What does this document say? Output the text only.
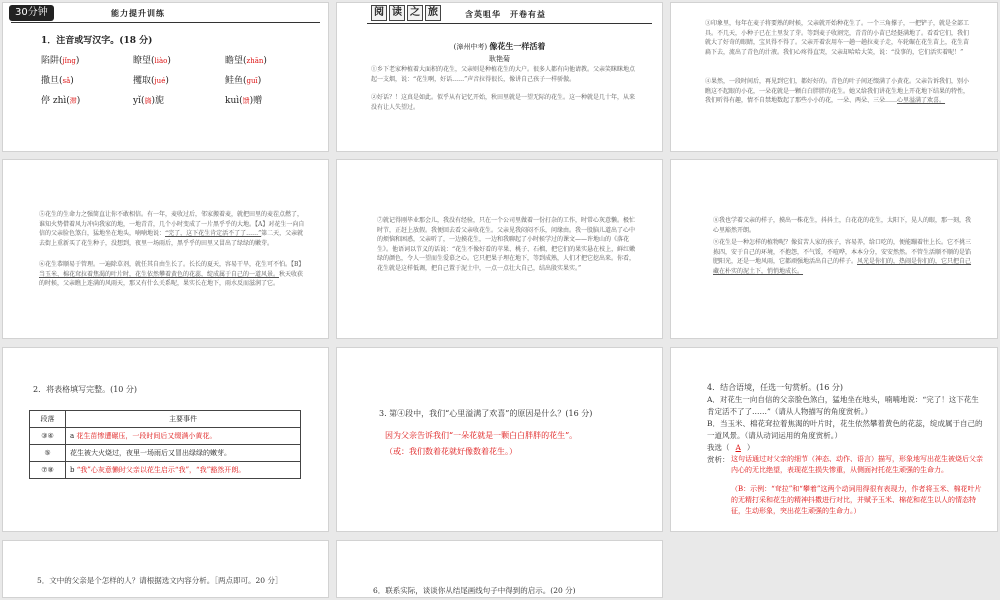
30分钟	能力提升训练
1．注音或写汉字。(18 分)
陷阱(jǐng)	瞭望(liào)	瞻望(zhān)
撒旦(sǎ)	攫取(jué)	鲑鱼(guī)
停 zhì(滞)	yǐ(旖)旎	kuì(馈)赠
阅 读 之 旅	含英咀华　开卷有益
(漳州中考) 像花生一样活着
耿艳菊
①乡下老家种植着大面积的花生，父亲则是种植花生的大户。很多人都有向他请教。父亲笑眯眯地点起一支烟，说：“花生啊，好话……”声音拉得很长，像讲自己孩子一样骄傲。
②好话？！这真是如此。似乎从有记忆开始，秋田里就是一望无际的花生。这一种就是几十年，从来没有让人失望过。
③印象里，每年在麦子将要熟的时候，父亲就开始种花生了。一个三角撑子，一把铲子，就是全部工具。不几天，小种子已在土里发了芽。等到麦子收割完，青青的小苗已经挺满地了。看看它们，我们就大了好奇的眼睛，宝贝得不得了。父亲开着农用车一趟一趟拉麦子走，车轮碾在花生苗上，花生苗扁下去，流出了青色的汁液。我们心疼得直哭，父亲却哈哈大笑，说：“没事的，它们活实着呢！”
④果然，一段时间后，再见到它们，都好好的。青色的叶子间还缀满了小黄花。父亲告诉我们，别小瞧这不起眼的小花，一朵花就是一颗白白胖胖的花生。她又给我们讲花生地上开花地下结果的特性，我们听得有趣，情不自禁地数起了那些小小的花，一朵、两朵、三朵……心里溢满了欢喜。
⑤花生的生命力之强简直让你不敢相信。有一年，麦收过后，邻家搬着麦，就把田里的麦茬点燃了，谁知火势借着风力冲向我家的地，一地青青，几个小时变成了一片黑乎乎的大地。【A】对花生一向自信的父亲脸色煞白，猛地坐在地头，喃喃地说：“完了，这下花生肯定活不了了……”第二天，父亲就去街上重新买了花生种子，没想到，夜里一场雨后，黑乎乎的田里又冒出了绿绿的嫩芽。
⑥花生恭顺易于管理。一遍除草剂，就任其自由生长了。长长的夏天，容易干旱，花生可不怕。【B】当玉米、棉花耷拉着焦渴的叶片时，花生依然攀着黄色的花蕊，绽成属于自己的一道风景。秋天收获的时候，父亲瞧上连满的风雨天，那又有什么关系呢，果实长在地下，雨水反而滋润了它。
⑦就记得刚毕业那会儿，我没有经验，只在一个公司里做着一份打杂的工作，时常心灰意懒。极忙时节，正赶上放假。我便回去看父亲收花生。父亲见我闷闷不乐，问缘由。我一股脑儿道出了心中的烦恼和困惑，父亲听了，一边摸花生，一边和我聊起了小时候学过的课文——许地山的《落花生》。他语词以节义的话说：“花生不像好看的苹果、桃子、石榴，把它们的果实悬在枝上，鲜红嫩绿的颜色，令人一望而生爱慕之心。它只把果子埋在地下，等到成熟，人们才把它挖出来。你看，花生就是这样低调，把自己置于泥土中，一点一点壮大自己，结出殷实果实。”
⑧我也学着父亲的样子，摸出一株花生，抖抖土，白花花的花生，太阳下，晃人的眼，那一刻，我心里豁然开朗。
⑨花生是一种怎样的植物呢？像贫苦人家的孩子，容易养，给口吃的，便能蹦着往上长。它不挑三拣四，安于自己的环境，不抱怨，不气馁，不喧哗，本本分分，安安然然。不管生活顺不顺的是馅肥阳光，还是一地风雨，它都顽强地活出自己的样子。风光是你们的，热闹是你们的，它只把自己藏在朴实的泥土下，悄悄地成长。
2．将表格填写完整。(10 分)
段落	主要事件
③④	a 花生苗惨遭碾压，一段时间后又缀满小黄花。
⑤	花生被大火烧过，夜里一场雨后又冒出绿绿的嫩芽。
⑦⑧	b “我”心灰意懒时父亲以花生启示“我”，“我”豁然开朗。
3. 第④段中，我们“心里溢满了欢喜”的原因是什么？(16 分)
因为父亲告诉我们“一朵花就是一颗白白胖胖的花生”。
（或：我们数着花就好像数着花生。）
4．结合语境，任选一句赏析。(16 分)
A．对花生一向自信的父亲脸色煞白，猛地坐在地头，喃喃地说：“完了！这下花生肯定活不了了……”（请从人物描写的角度赏析。）
B．当玉米、棉花耷拉着焦渴的叶片时，花生依然攀着黄色的花蕊，绽成属于自己的一道风景。（请从动词运用的角度赏析。）
我选（ A ）
赏析： 这句话通过对父亲的细节（神态、动作、语言）描写，形象地写出花生被烧后父亲内心的无比绝望，表现花生损失惨重，从侧面衬托花生顽强的生命力。
（B：示例：“耷拉”和“攀着”这两个动词用得很有表现力，作者将玉米、棉花叶片的无精打采和花生的精神抖擞进行对比，并赋予玉米、棉花和花生以人的情态特征，生动形象，突出花生顽强的生命力。）
5．文中的父亲是个怎样的人？请根据选文内容分析。［两点即可。20 分］
6．联系实际，谈谈你从结尾画线句子中得到的启示。(20 分)
